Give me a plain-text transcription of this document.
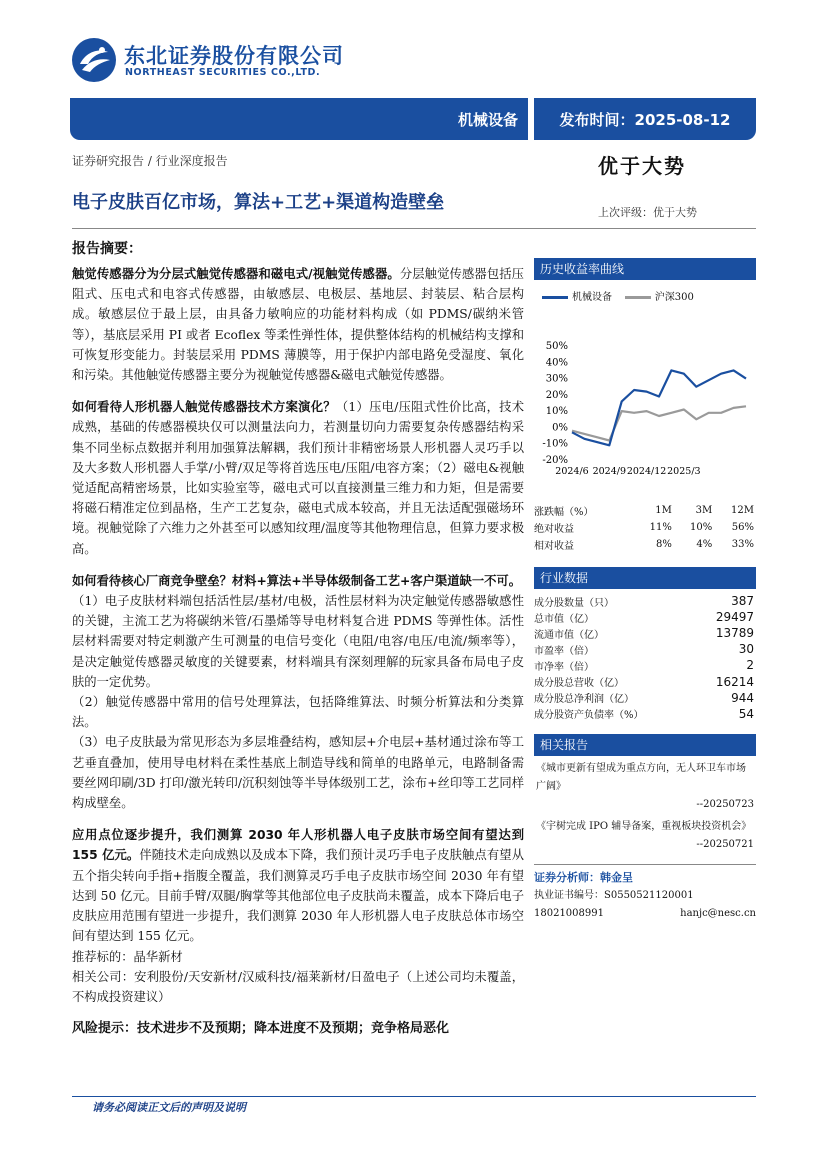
东北证券股份有限公司
NORTHEAST SECURITIES CO.,LTD.
机械设备	发布时间：2025-08-12
证券研究报告 / 行业深度报告	优于大势
电子皮肤百亿市场，算法+工艺+渠道构造壁垒	上次评级：优于大势
报告摘要：

触觉传感器分为分层式触觉传感器和磁电式/视触觉传感器。分层触觉传感器包括压阻式、压电式和电容式传感器，由敏感层、电极层、基地层、封装层、粘合层构成。敏感层位于最上层，由具备力敏响应的功能材料构成（如 PDMS/碳纳米管等），基底层采用 PI 或者 Ecoflex 等柔性弹性体，提供整体结构的机械结构支撑和可恢复形变能力。封装层采用 PDMS 薄膜等，用于保护内部电路免受湿度、氧化和污染。其他触觉传感器主要分为视触觉传感器&磁电式触觉传感器。

如何看待人形机器人触觉传感器技术方案演化？（1）压电/压阻式性价比高，技术成熟，基础的传感器模块仅可以测量法向力，若测量切向力需要复杂传感器结构采集不同坐标点数据并利用加强算法解耦，我们预计非精密场景人形机器人灵巧手以及大多数人形机器人手掌/小臂/双足等将首选压电/压阻/电容方案；（2）磁电&视触觉适配高精密场景，比如实验室等，磁电式可以直接测量三维力和力矩，但是需要将磁石精准定位到晶格，生产工艺复杂，磁电式成本较高，并且无法适配强磁场环境。视触觉除了六维力之外甚至可以感知纹理/温度等其他物理信息，但算力要求极高。

如何看待核心厂商竞争壁垒？材料+算法+半导体级制备工艺+客户渠道缺一不可。

（1）电子皮肤材料端包括活性层/基材/电极，活性层材料为决定触觉传感器敏感性的关键，主流工艺为将碳纳米管/石墨烯等导电材料复合进 PDMS 等弹性体。活性层材料需要对特定刺激产生可测量的电信号变化（电阻/电容/电压/电流/频率等），是决定触觉传感器灵敏度的关键要素，材料端具有深刻理解的玩家具备布局电子皮肤的一定优势。

（2）触觉传感器中常用的信号处理算法，包括降维算法、时频分析算法和分类算法。

（3）电子皮肤最为常见形态为多层堆叠结构，感知层+介电层+基材通过涂布等工艺垂直叠加，使用导电材料在柔性基底上制造导线和简单的电路单元，电路制备需要丝网印刷/3D 打印/激光转印/沉积刻蚀等半导体级别工艺，涂布+丝印等工艺同样构成壁垒。

应用点位逐步提升，我们测算 2030 年人形机器人电子皮肤市场空间有望达到 155 亿元。伴随技术走向成熟以及成本下降，我们预计灵巧手电子皮肤触点有望从五个指尖转向手指+指腹全覆盖，我们测算灵巧手电子皮肤市场空间 2030 年有望达到 50 亿元。目前手臂/双腿/胸掌等其他部位电子皮肤尚未覆盖，成本下降后电子皮肤应用范围有望进一步提升，我们测算 2030 年人形机器人电子皮肤总体市场空间有望达到 155 亿元。

推荐标的：晶华新材

相关公司：安利股份/天安新材/汉威科技/福莱新材/日盈电子（上述公司均未覆盖，不构成投资建议）

风险提示：技术进步不及预期；降本进度不及预期；竞争格局恶化
历史收益率曲线
机械设备	沪深300
50%
40%
30%
20%
10%
0%
-10%
-20%
2024/6 2024/9 2024/12 2025/3
涨跌幅（%）	1M	3M	12M
绝对收益	11%	10%	56%
相对收益	8%	4%	33%
行业数据
成分股数量（只）	387
总市值（亿）	29497
流通市值（亿）	13789
市盈率（倍）	30
市净率（倍）	2
成分股总营收（亿）	16214
成分股总净利润（亿）	944
成分股资产负债率（%）	54
相关报告
《城市更新有望成为重点方向，无人环卫车市场广阔》
--20250723
《宇树完成 IPO 辅导备案，重视板块投资机会》
--20250721
证券分析师：韩金呈
执业证书编号：S0550521120001
18021008991	hanjc@nesc.cn
请务必阅读正文后的声明及说明
